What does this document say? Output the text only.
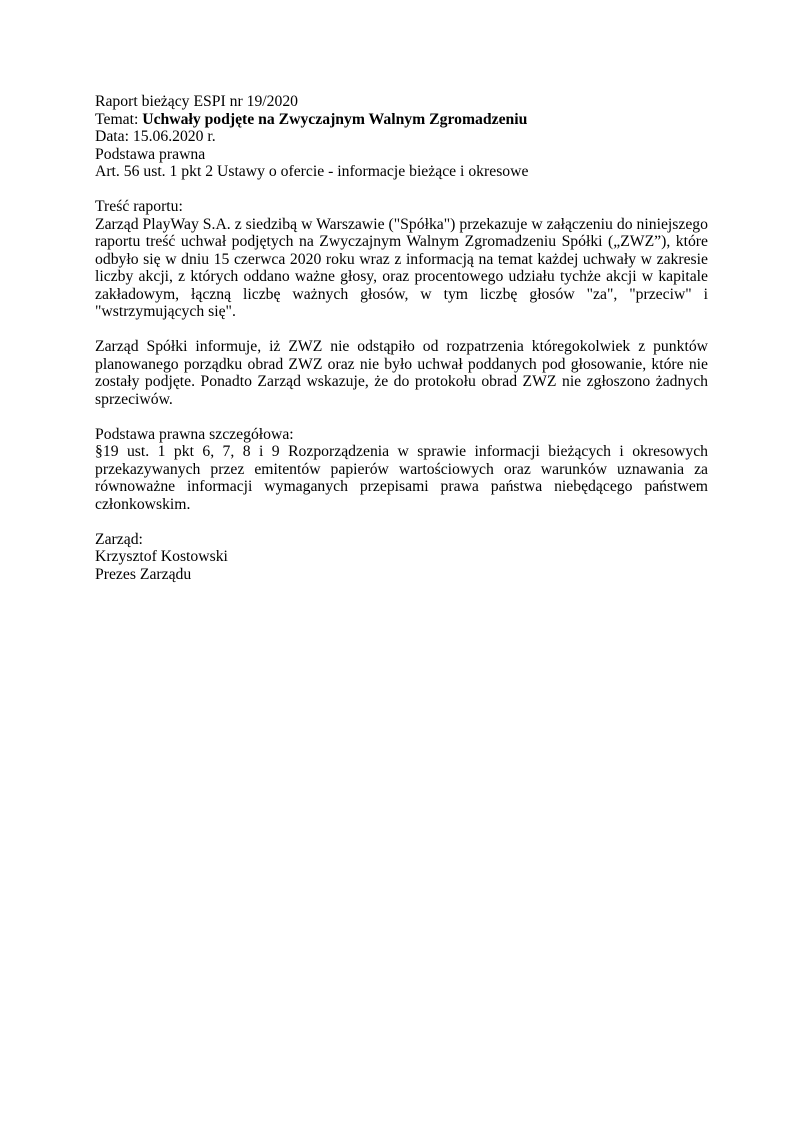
Raport bieżący ESPI nr 19/2020
Temat: Uchwały podjęte na Zwyczajnym Walnym Zgromadzeniu
Data: 15.06.2020 r.
Podstawa prawna
Art. 56 ust. 1 pkt 2 Ustawy o ofercie - informacje bieżące i okresowe
Treść raportu:
Zarząd PlayWay S.A. z siedzibą w Warszawie ("Spółka") przekazuje w załączeniu do niniejszego raportu treść uchwał podjętych na Zwyczajnym Walnym Zgromadzeniu Spółki („ZWZ”), które odbyło się w dniu 15 czerwca 2020 roku wraz z informacją na temat każdej uchwały w zakresie liczby akcji, z których oddano ważne głosy, oraz procentowego udziału tychże akcji w kapitale zakładowym, łączną liczbę ważnych głosów, w tym liczbę głosów "za", "przeciw" i "wstrzymujących się".
Zarząd Spółki informuje, iż ZWZ nie odstąpiło od rozpatrzenia któregokolwiek z punktów planowanego porządku obrad ZWZ oraz nie było uchwał poddanych pod głosowanie, które nie zostały podjęte. Ponadto Zarząd wskazuje, że do protokołu obrad ZWZ nie zgłoszono żadnych sprzeciwów.
Podstawa prawna szczegółowa:
§19 ust. 1 pkt 6, 7, 8 i 9 Rozporządzenia w sprawie informacji bieżących i okresowych przekazywanych przez emitentów papierów wartościowych oraz warunków uznawania za równoważne informacji wymaganych przepisami prawa państwa niebędącego państwem członkowskim.
Zarząd:
Krzysztof Kostowski
Prezes Zarządu
